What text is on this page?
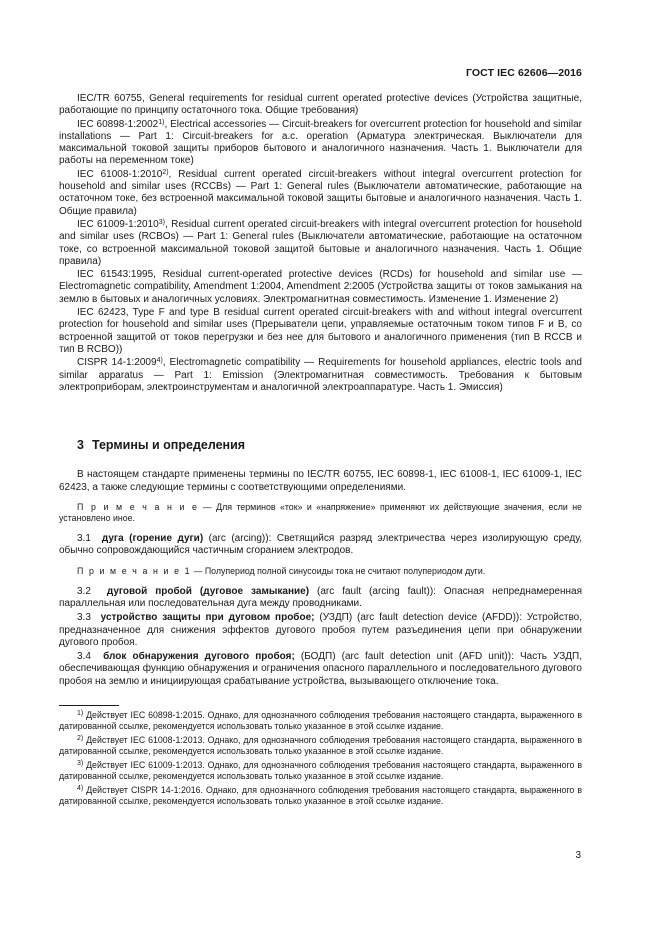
ГОСТ IEC 62606—2016

IEC/TR 60755, General requirements for residual current operated protective devices (Устройства защитные, работающие по принципу остаточного тока. Общие требования)

IEC 60898-1:2002$^{1)}$, Electrical accessories — Circuit-breakers for overcurrent protection for household and similar installations — Part 1: Circuit-breakers for a.c. operation (Арматура электрическая. Выключатели для максимальной токовой защиты приборов бытового и аналогичного назначения. Часть 1. Выключатели для работы на переменном токе)

IEC 61008-1:2010$^{2)}$, Residual current operated circuit-breakers without integral overcurrent protection for household and similar uses (RCCBs) — Part 1: General rules (Выключатели автоматические, работающие на остаточном токе, без встроенной максимальной токовой защиты бытовые и аналогичного назначения. Часть 1. Общие правила)

IEC 61009-1:2010$^{3)}$, Residual current operated circuit-breakers with integral overcurrent protection for household and similar uses (RCBOs) — Part 1: General rules (Выключатели автоматические, работающие на остаточном токе, со встроенной максимальной токовой защитой бытовые и аналогичного назначения. Часть 1. Общие правила)

IEC 61543:1995, Residual current-operated protective devices (RCDs) for household and similar use — Electromagnetic compatibility, Amendment 1:2004, Amendment 2:2005 (Устройства защиты от токов замыкания на землю в бытовых и аналогичных условиях. Электромагнитная совместимость. Изменение 1. Изменение 2)

IEC 62423, Type F and type B residual current operated circuit-breakers with and without integral overcurrent protection for household and similar uses (Прерыватели цепи, управляемые остаточным током типов F и B, со встроенной защитой от токов перегрузки и без нее для бытового и аналогичного применения (тип B RCCB и тип B RCBO))

CISPR 14-1:2009$^{4)}$, Electromagnetic compatibility — Requirements for household appliances, electric tools and similar apparatus — Part 1: Emission (Электромагнитная совместимость. Требования к бытовым электроприборам, электроинструментам и аналогичной электроаппаратуре. Часть 1. Эмиссия)

3 Термины и определения

В настоящем стандарте применены термины по IEC/TR 60755, IEC 60898-1, IEC 61008-1, IEC 61009-1, IEC 62423, а также следующие термины с соответствующими определениями.

П р и м е ч а н и е — Для терминов «ток» и «напряжение» применяют их действующие значения, если не установлено иное.

3.1 дуга (горение дуги) (arc (arcing)): Светящийся разряд электричества через изолирующую среду, обычно сопровождающийся частичным сгоранием электродов.

П р и м е ч а н и е 1 — Полупериод полной синусоиды тока не считают полупериодом дуги.

3.2 дуговой пробой (дуговое замыкание) (arc fault (arcing fault)): Опасная непреднамеренная параллельная или последовательная дуга между проводниками.

3.3 устройство защиты при дуговом пробое; (УЗДП) (arc fault detection device (AFDD)): Устройство, предназначенное для снижения эффектов дугового пробоя путем разъединения цепи при обнаружении дугового пробоя.

3.4 блок обнаружения дугового пробоя; (БОДП) (arc fault detection unit (AFD unit)): Часть УЗДП, обеспечивающая функцию обнаружения и ограничения опасного параллельного и последовательного дугового пробоя на землю и инициирующая срабатывание устройства, вызывающего отключение тока.

$^{1)}$ Действует IEC 60898-1:2015. Однако, для однозначного соблюдения требования настоящего стандарта, выраженного в датированной ссылке, рекомендуется использовать только указанное в этой ссылке издание.

$^{2)}$ Действует IEC 61008-1:2013. Однако, для однозначного соблюдения требования настоящего стандарта, выраженного в датированной ссылке, рекомендуется использовать только указанное в этой ссылке издание.

$^{3)}$ Действует IEC 61009-1:2013. Однако, для однозначного соблюдения требования настоящего стандарта, выраженного в датированной ссылке, рекомендуется использовать только указанное в этой ссылке издание.

$^{4)}$ Действует CISPR 14-1:2016. Однако, для однозначного соблюдения требования настоящего стандарта, выраженного в датированной ссылке, рекомендуется использовать только указанное в этой ссылке издание.

3
